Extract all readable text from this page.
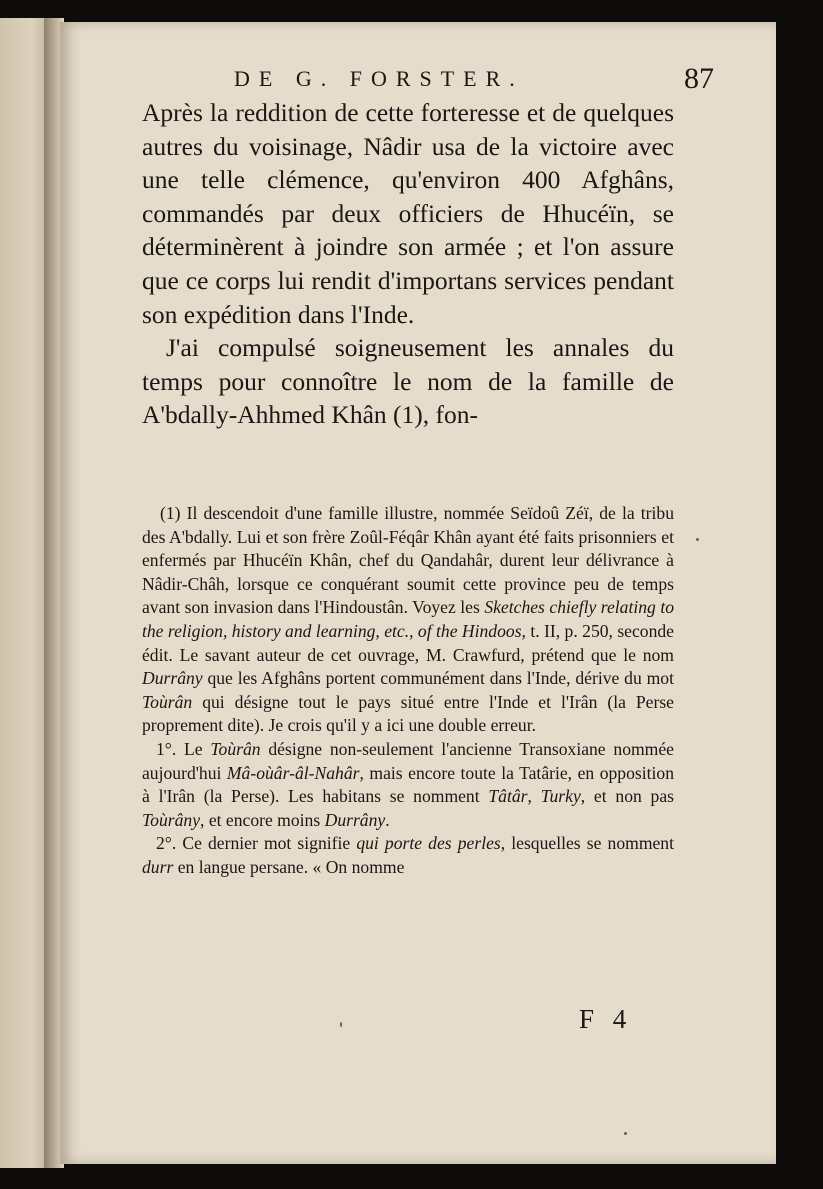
DE G. FORSTER.	87

Après la reddition de cette forteresse et de quelques autres du voisinage, Nâdir usa de la victoire avec une telle clémence, qu'environ 400 Afghâns, commandés par deux officiers de Hhucéïn, se déterminèrent à joindre son armée ; et l'on assure que ce corps lui rendit d'importans services pendant son expédition dans l'Inde.

J'ai compulsé soigneusement les annales du temps pour connoître le nom de la famille de A'bdally-Ahhmed Khân (1), fon-

(1) Il descendoit d'une famille illustre, nommée Seïdoû Zéï, de la tribu des A'bdally. Lui et son frère Zoûl-Féqâr Khân ayant été faits prisonniers et enfermés par Hhucéïn Khân, chef du Qandahâr, durent leur délivrance à Nâdir-Châh, lorsque ce conquérant soumit cette province peu de temps avant son invasion dans l'Hindoustân. Voyez les Sketches chiefly relating to the religion, history and learning, etc., of the Hindoos, t. II, p. 250, seconde édit. Le savant auteur de cet ouvrage, M. Crawfurd, prétend que le nom Durrâny que les Afghâns portent communément dans l'Inde, dérive du mot Toùrân qui désigne tout le pays situé entre l'Inde et l'Irân (la Perse proprement dite). Je crois qu'il y a ici une double erreur.

1°. Le Toùrân désigne non-seulement l'ancienne Transoxiane nommée aujourd'hui Mâ-oùâr-âl-Nahâr, mais encore toute la Tatârie, en opposition à l'Irân (la Perse). Les habitans se nomment Tâtâr, Turky, et non pas Toùrâny, et encore moins Durrâny.

2°. Ce dernier mot signifie qui porte des perles, lesquelles se nomment durr en langue persane. « On nomme

F 4
